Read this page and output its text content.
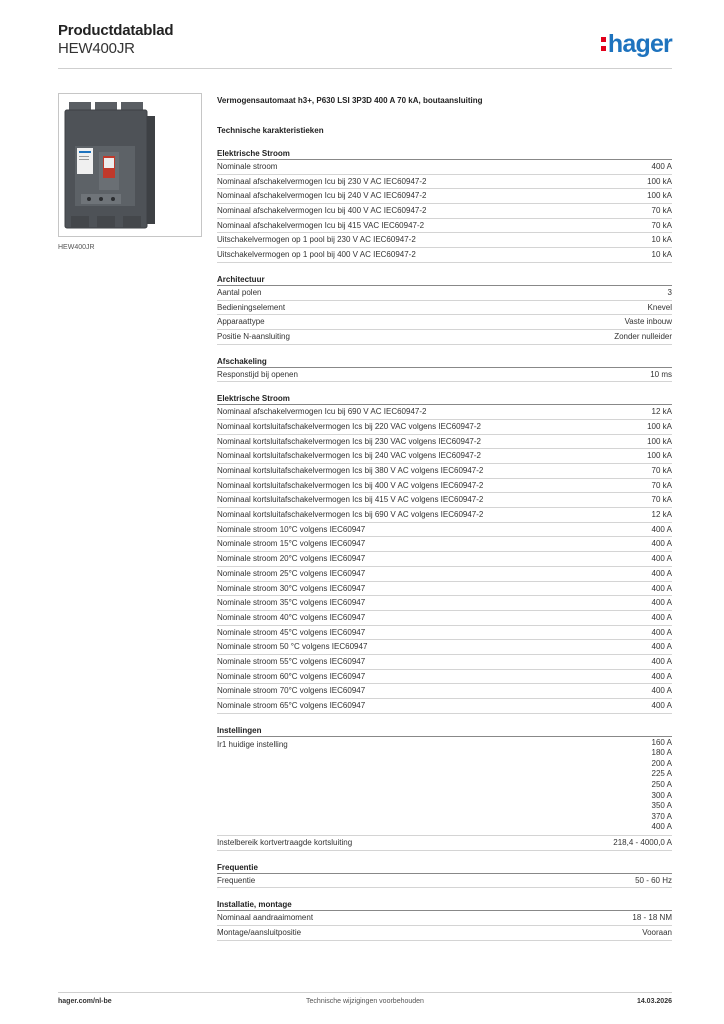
Productdatablad
HEW400JR	hager
HEW400JR
Vermogensautomaat h3+, P630 LSI 3P3D 400 A 70 kA, boutaansluiting
Technische karakteristieken
Elektrische Stroom
Nominale stroom	400 A
Nominaal afschakelvermogen Icu bij 230 V AC IEC60947-2	100 kA
Nominaal afschakelvermogen Icu bij 240 V AC IEC60947-2	100 kA
Nominaal afschakelvermogen Icu bij 400 V AC IEC60947-2	70 kA
Nominaal afschakelvermogen Icu bij 415 VAC IEC60947-2	70 kA
Uitschakelvermogen op 1 pool bij 230 V AC IEC60947-2	10 kA
Uitschakelvermogen op 1 pool bij 400 V AC IEC60947-2	10 kA
Architectuur
Aantal polen	3
Bedieningselement	Knevel
Apparaattype	Vaste inbouw
Positie N-aansluiting	Zonder nulleider
Afschakeling
Responstijd bij openen	10 ms
Elektrische Stroom
Nominaal afschakelvermogen Icu bij 690 V AC IEC60947-2	12 kA
Nominaal kortsluitafschakelvermogen Ics bij 220 VAC volgens IEC60947-2	100 kA
Nominaal kortsluitafschakelvermogen Ics bij 230 VAC volgens IEC60947-2	100 kA
Nominaal kortsluitafschakelvermogen Ics bij 240 VAC volgens IEC60947-2	100 kA
Nominaal kortsluitafschakelvermogen Ics bij 380 V AC volgens IEC60947-2	70 kA
Nominaal kortsluitafschakelvermogen Ics bij 400 V AC volgens IEC60947-2	70 kA
Nominaal kortsluitafschakelvermogen Ics bij 415 V AC volgens IEC60947-2	70 kA
Nominaal kortsluitafschakelvermogen Ics bij 690 V AC volgens IEC60947-2	12 kA
Nominale stroom 10°C volgens IEC60947	400 A
Nominale stroom 15°C volgens IEC60947	400 A
Nominale stroom 20°C volgens IEC60947	400 A
Nominale stroom 25°C volgens IEC60947	400 A
Nominale stroom 30°C volgens IEC60947	400 A
Nominale stroom 35°C volgens IEC60947	400 A
Nominale stroom 40°C volgens IEC60947	400 A
Nominale stroom 45°C volgens IEC60947	400 A
Nominale stroom 50 °C volgens IEC60947	400 A
Nominale stroom 55°C volgens IEC60947	400 A
Nominale stroom 60°C volgens IEC60947	400 A
Nominale stroom 70°C volgens IEC60947	400 A
Nominale stroom 65°C volgens IEC60947	400 A
Instellingen
Ir1 huidige instelling	160 A
180 A
200 A
225 A
250 A
300 A
350 A
370 A
400 A
Instelbereik kortvertraagde kortsluiting	218,4 - 4000,0 A
Frequentie
Frequentie	50 - 60 Hz
Installatie, montage
Nominaal aandraaimoment	18 - 18 NM
Montage/aansluitpositie	Vooraan
hager.com/nl-be	Technische wijzigingen voorbehouden	14.03.2026
